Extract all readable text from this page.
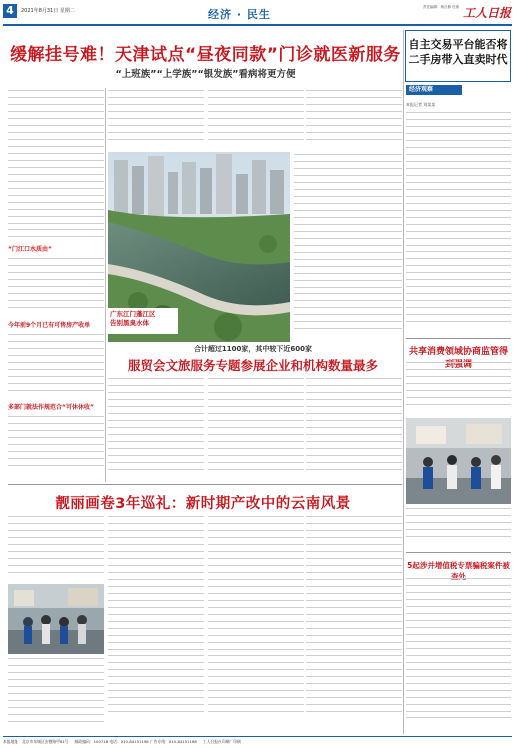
4	2021年8月31日 星期二	经济 · 民生
责任编辑：杨旦修 杜寒 工人日报
缓解挂号难！天津试点“昼夜同款”门诊就医新服务
“上班族”“上学族”“银发族”看病将更方便
广东江门蓬江区
告别黑臭水体
”门江口水质由”
今年前9个月已有可售房产收单
多部门就法作规范合“可休休收”
合计超过1100家，其中较下近600家
服贸会文旅服务专题参展企业和机构数量最多
靓丽画卷3年巡礼：新时期产改中的云南风景
自主交易平台能否将
二手房带入直卖时代
经济观察
本报记者 刘某某
共享消费领域协商监管得到强调
5起涉并增值税专票骗税案件被查处
本报地址：北京市东城区安德路甲61号 邮政编码：100718 电话：010-84151198 广告专线：010-84151188 工人日报社印刷厂印刷
